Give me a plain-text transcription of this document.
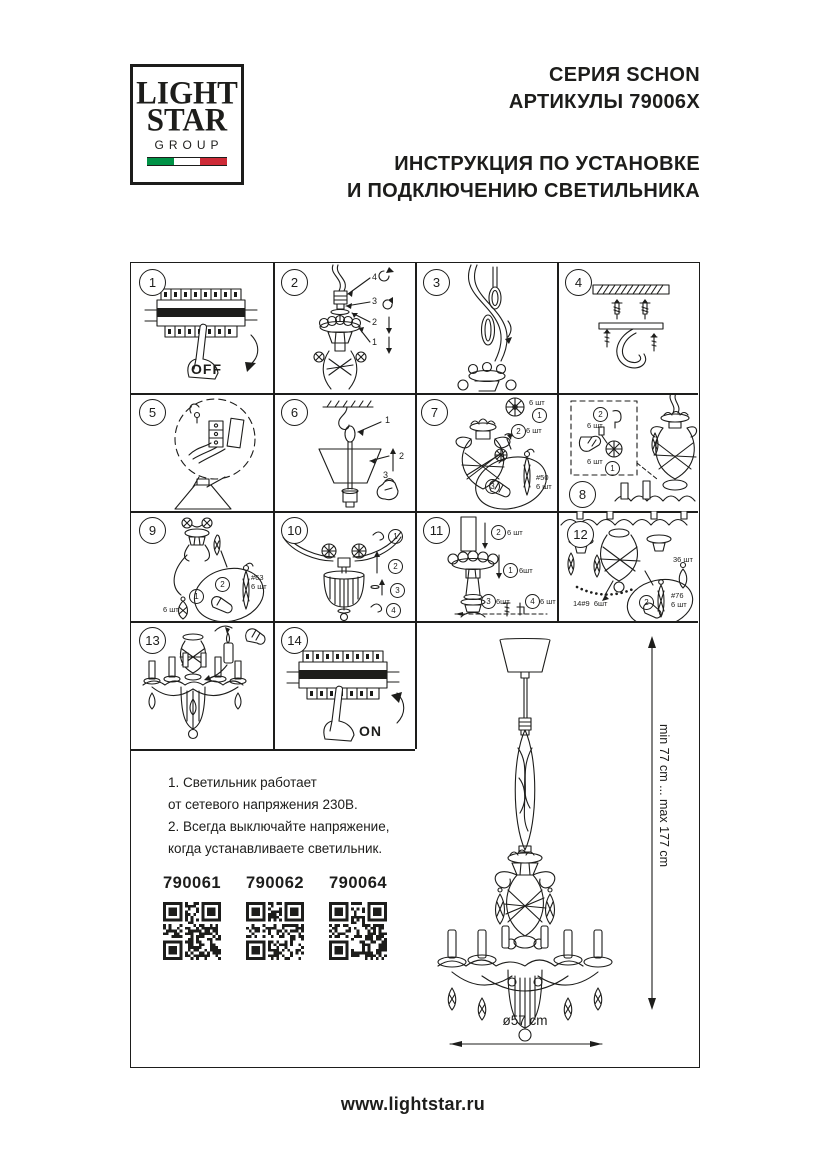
LIGHT
STAR
GROUP
СЕРИЯ SCHON
АРТИКУЛЫ 79006X
ИНСТРУКЦИЯ ПО УСТАНОВКЕ
И ПОДКЛЮЧЕНИЮ СВЕТИЛЬНИКА
1
OFF
2	4
3
2
1
3	4
5	6	1
2
3
7
6 шт
1
2 6 шт
3
#50
6 шт
8
2
6 шт
6 шт
1
9
1
6 шт
2
#63
6 шт
10	1
2
3
4
11	2 6 шт
1 6шт
3 6шт	4 6 шт
12
14#9  6шт
36 шт
2
#76
6 шт
13	14
ON
1. Светильник работает
от сетевого напряжения 230В.
2. Всегда выключайте напряжение,
когда устанавливаете светильник.
790061 790062 790064
min 77 cm ... max 177 cm
ø57 cm
www.lightstar.ru
